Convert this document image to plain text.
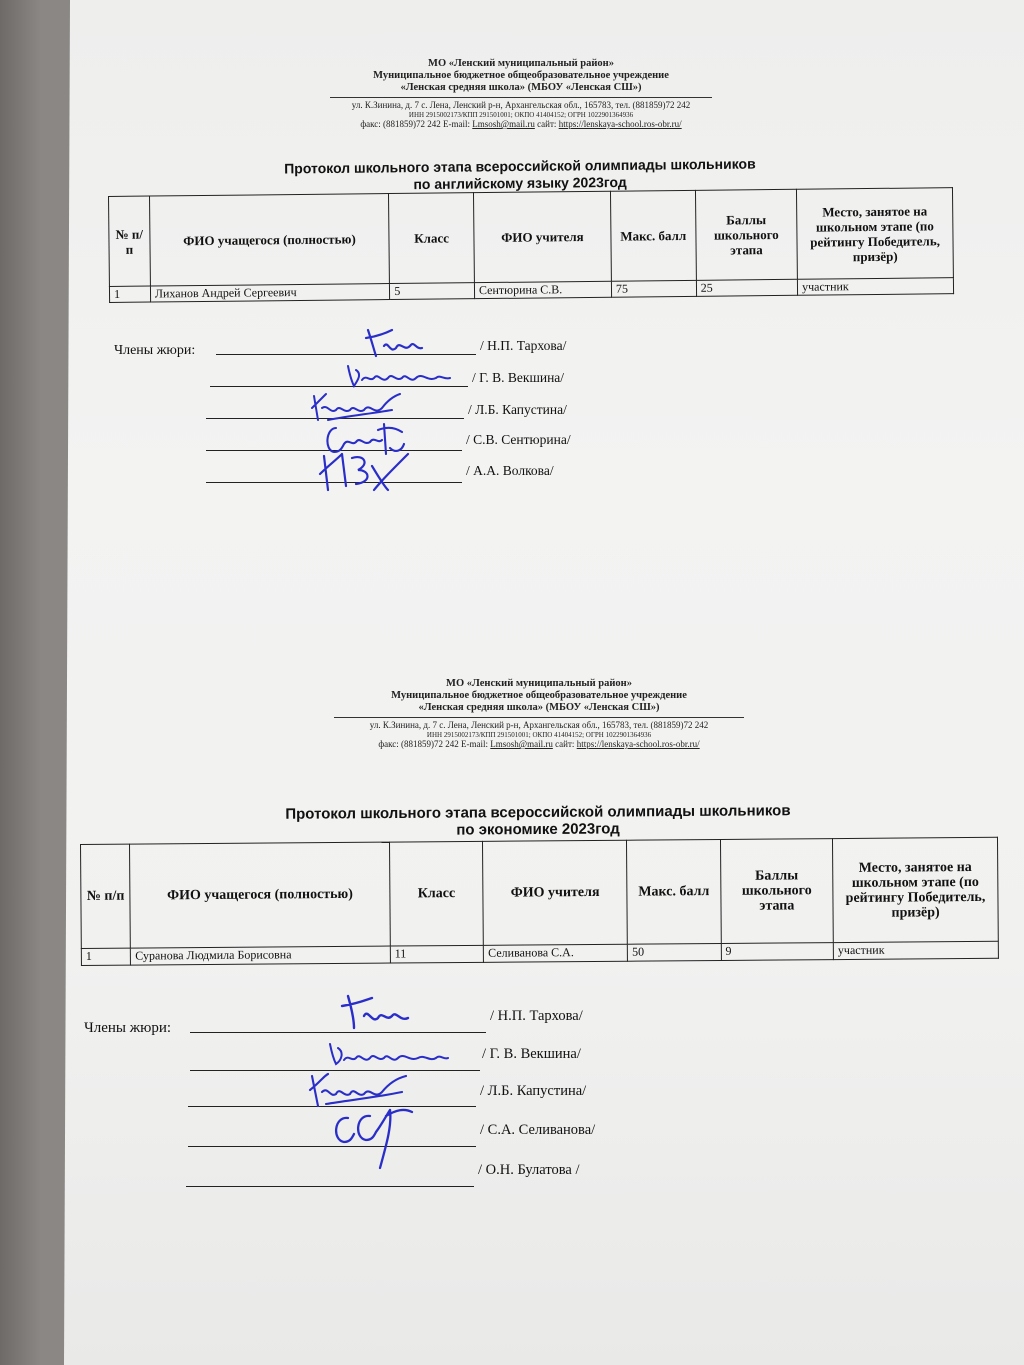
МО «Ленский муниципальный район»
Муниципальное бюджетное общеобразовательное учреждение
«Ленская средняя школа» (МБОУ «Ленская СШ»)
ул. К.Зинина, д. 7 с. Лена, Ленский р-н, Архангельская обл., 165783, тел. (881859)72 242
ИНН 2915002173/КПП 291501001; ОКПО 41404152; ОГРН 1022901364936
факс: (881859)72 242 E-mail: Lmsosh@mail.ru сайт: https://lenskaya-school.ros-obr.ru/
Протокол школьного этапа всероссийской олимпиады школьников
по английскому языку 2023год
№ п/п	ФИО учащегося (полностью)	Класс	ФИО учителя	Макс. балл	Баллы школьного этапа	Место, занятое на школьном этапе (по рейтингу Победитель, призёр)
1	Лиханов Андрей Сергеевич	5	Сентюрина С.В.	75	25	участник
Члены жюри:	/ Н.П. Тархова/
/ Г. В. Векшина/
/ Л.Б. Капустина/
/ С.В. Сентюрина/
/ А.А. Волкова/
МО «Ленский муниципальный район»
Муниципальное бюджетное общеобразовательное учреждение
«Ленская средняя школа» (МБОУ «Ленская СШ»)
ул. К.Зинина, д. 7 с. Лена, Ленский р-н, Архангельская обл., 165783, тел. (881859)72 242
ИНН 2915002173/КПП 291501001; ОКПО 41404152; ОГРН 1022901364936
факс: (881859)72 242 E-mail: Lmsosh@mail.ru сайт: https://lenskaya-school.ros-obr.ru/
Протокол школьного этапа всероссийской олимпиады школьников
по экономике 2023год
№ п/п	ФИО учащегося (полностью)	Класс	ФИО учителя	Макс. балл	Баллы школьного этапа	Место, занятое на школьном этапе (по рейтингу Победитель, призёр)
1	Суранова Людмила Борисовна	11	Селиванова С.А.	50	9	участник
Члены жюри:
/ Н.П. Тархова/
/ Г. В. Векшина/
/ Л.Б. Капустина/
/ С.А. Селиванова/
/ О.Н. Булатова /
